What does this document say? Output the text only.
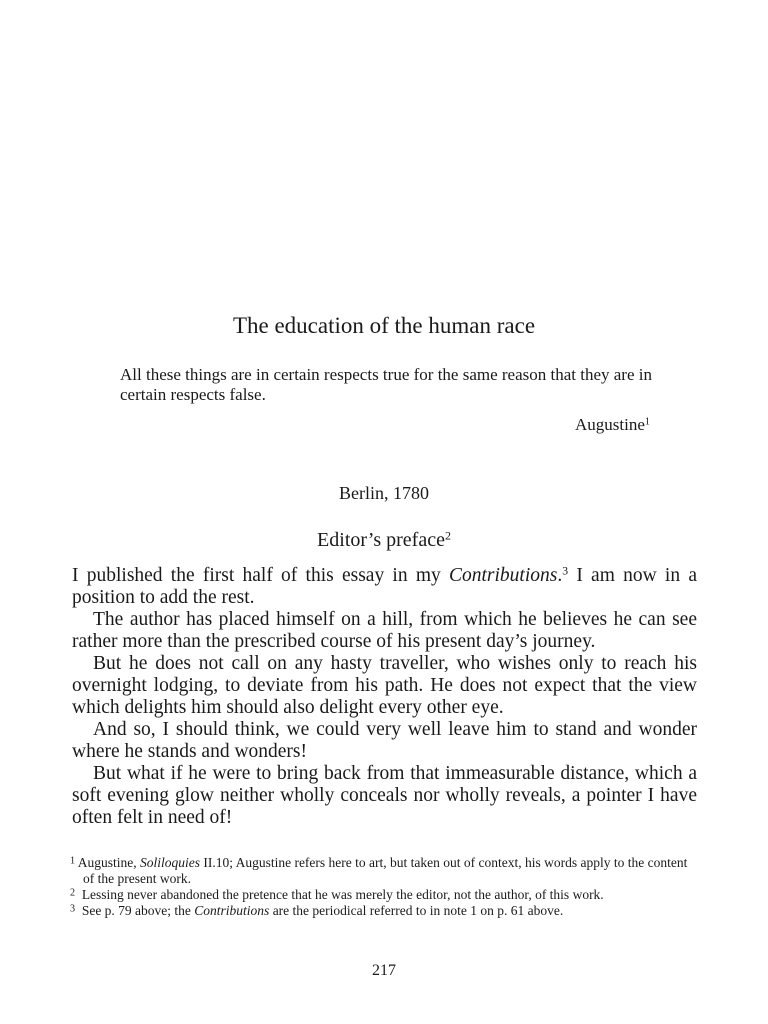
The education of the human race
All these things are in certain respects true for the same reason that they are in certain respects false.
Augustine$^1$
Berlin, 1780
Editor’s preface$^2$

I published the first half of this essay in my Contributions.$^3$ I am now in a position to add the rest.

The author has placed himself on a hill, from which he believes he can see rather more than the prescribed course of his present day’s journey.

But he does not call on any hasty traveller, who wishes only to reach his overnight lodging, to deviate from his path. He does not expect that the view which delights him should also delight every other eye.

And so, I should think, we could very well leave him to stand and wonder where he stands and wonders!

But what if he were to bring back from that immeasurable distance, which a soft evening glow neither wholly conceals nor wholly reveals, a pointer I have often felt in need of!

$^1$ Augustine, Soliloquies II.10; Augustine refers here to art, but taken out of context, his words apply to the content of the present work.

$^2$ Lessing never abandoned the pretence that he was merely the editor, not the author, of this work.

$^3$ See p. 79 above; the Contributions are the periodical referred to in note 1 on p. 61 above.

217
